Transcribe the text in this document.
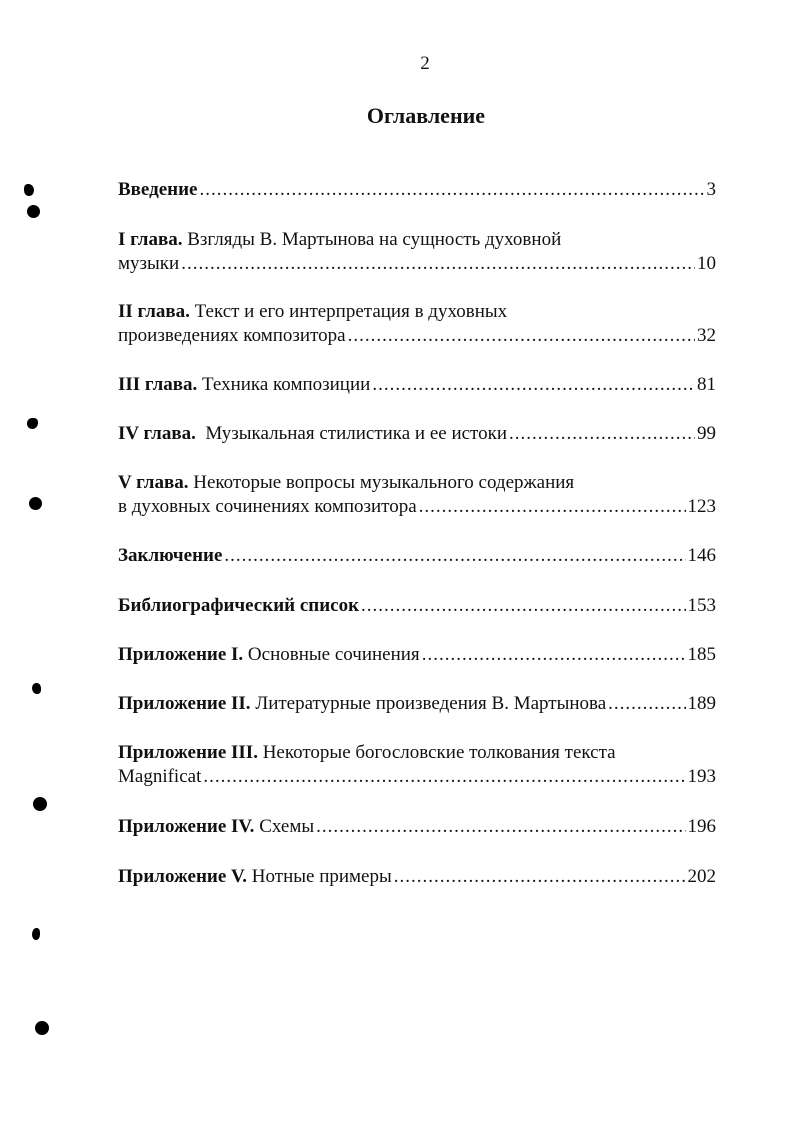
2
Оглавление
Введение .....	3
I глава.
Взгляды В. Мартынова на сущность духовной
музыки .....	10
II глава.
Текст и его интерпретация в духовных
произведениях композитора .....	32
III глава.
Техника композиции .....	81
IV глава.
Музыкальная стилистика и ее истоки .....	99
V глава.
Некоторые вопросы музыкального содержания
в духовных сочинениях композитора .....	123
Заключение .....	146
Библиографический список .....	153
Приложение I.
Основные сочинения .....	185
Приложение II.
Литературные произведения В. Мартынова .....	189
Приложение III.
Некоторые богословские толкования текста
Magnificat .....	193
Приложение IV.
Схемы .....	196
Приложение V.
Нотные примеры .....	202
